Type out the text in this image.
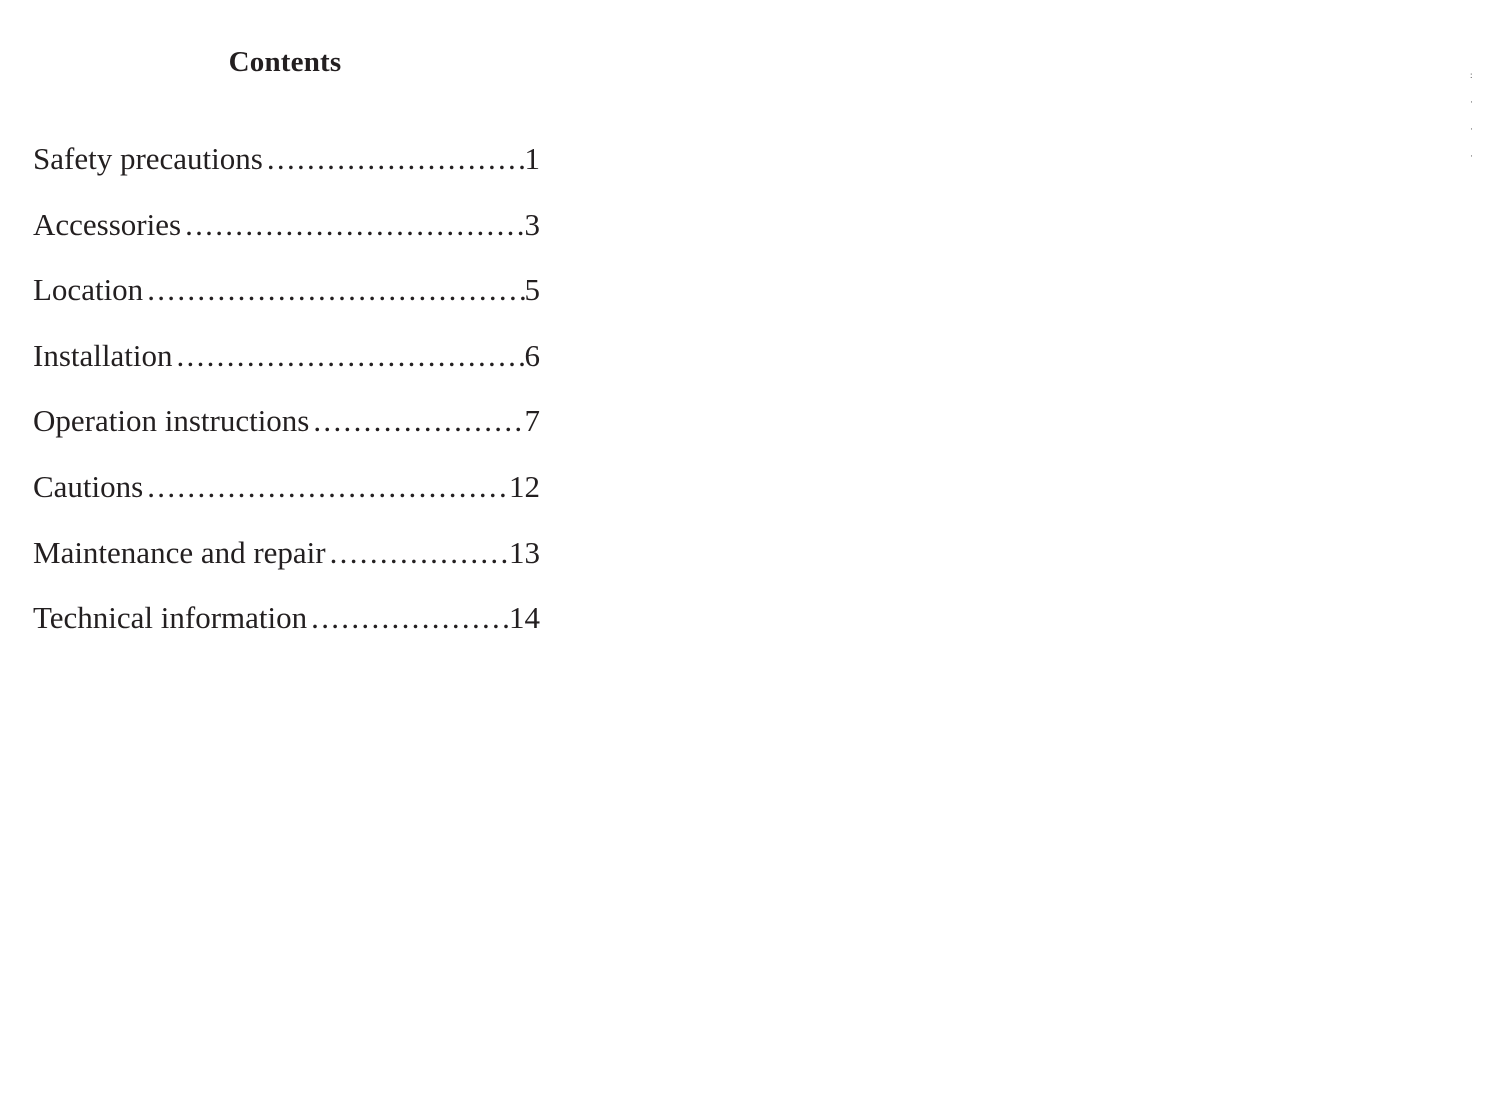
Contents
Safety precautions .....	1
Accessories .....	3
Location .....	5
Installation .....	6
Operation instructions .....	7
Cautions .....	12
Maintenance and repair .....	13
Technical information .....	14
:
·
·
·
